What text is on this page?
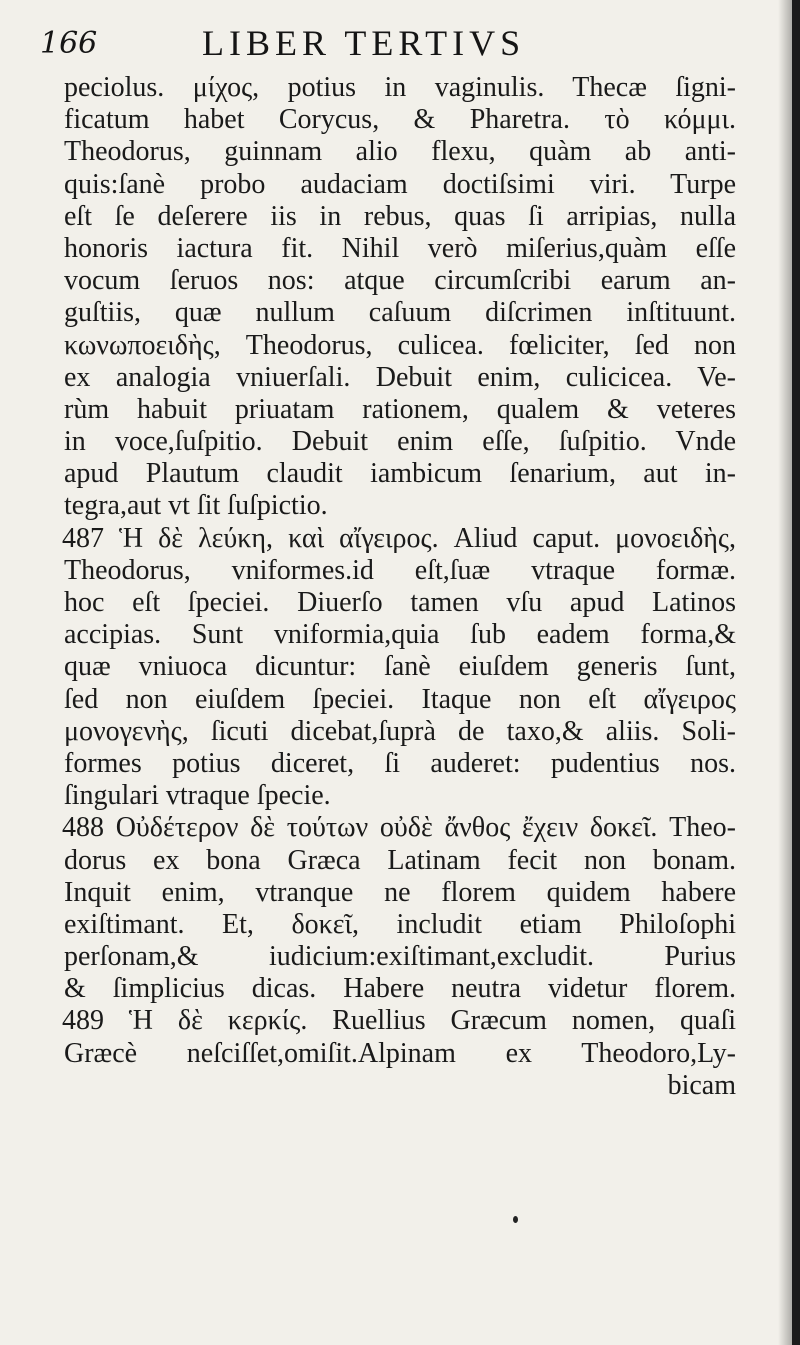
166	LIBER TERTIVS
peciolus. μίχος, potius in vaginulis. Thecæ ſigni-
ficatum habet Corycus, & Pharetra. τὸ κόμμι.
Theodorus, guinnam alio flexu, quàm ab anti-
quis:ſanè probo audaciam doctiſsimi viri. Turpe
eſt ſe deſerere iis in rebus, quas ſi arripias, nulla
honoris iactura fit. Nihil verò miſerius,quàm eſſe
vocum ſeruos nos: atque circumſcribi earum an-
guſtiis, quæ nullum caſuum diſcrimen inſtituunt.
κωνωποειδὴς, Theodorus, culicea. fœliciter, ſed non
ex analogia vniuerſali. Debuit enim, culicicea. Ve-
rùm habuit priuatam rationem, qualem & veteres
in voce,ſuſpitio. Debuit enim eſſe, ſuſpitio. Vnde
apud Plautum claudit iambicum ſenarium, aut in-
tegra,aut vt ſit ſuſpictio.
487 Ἡ δὲ λεύκη, καὶ αἴγειρος. Aliud caput. μονοειδὴς,
Theodorus, vniformes.id eſt,ſuæ vtraque formæ.
hoc eſt ſpeciei. Diuerſo tamen vſu apud Latinos
accipias. Sunt vniformia,quia ſub eadem forma,&
quæ vniuoca dicuntur: ſanè eiuſdem generis ſunt,
ſed non eiuſdem ſpeciei. Itaque non eſt αἴγειρος
μονογενὴς, ſicuti dicebat,ſuprà de taxo,& aliis. Soli-
formes potius diceret, ſi auderet: pudentius nos.
ſingulari vtraque ſpecie.
488 Οὐδέτερον δὲ τούτων οὐδὲ ἄνθος ἔχειν δοκεῖ. Theo-
dorus ex bona Græca Latinam fecit non bonam.
Inquit enim, vtranque ne florem quidem habere
exiſtimant. Et, δοκεῖ, includit etiam Philoſophi
perſonam,& iudicium:exiſtimant,excludit. Purius
& ſimplicius dicas. Habere neutra videtur florem.
489 Ἡ δὲ κερκίς. Ruellius Græcum nomen, quaſi
Græcè neſciſſet,omiſit.Alpinam ex Theodoro,Ly-
bicam
